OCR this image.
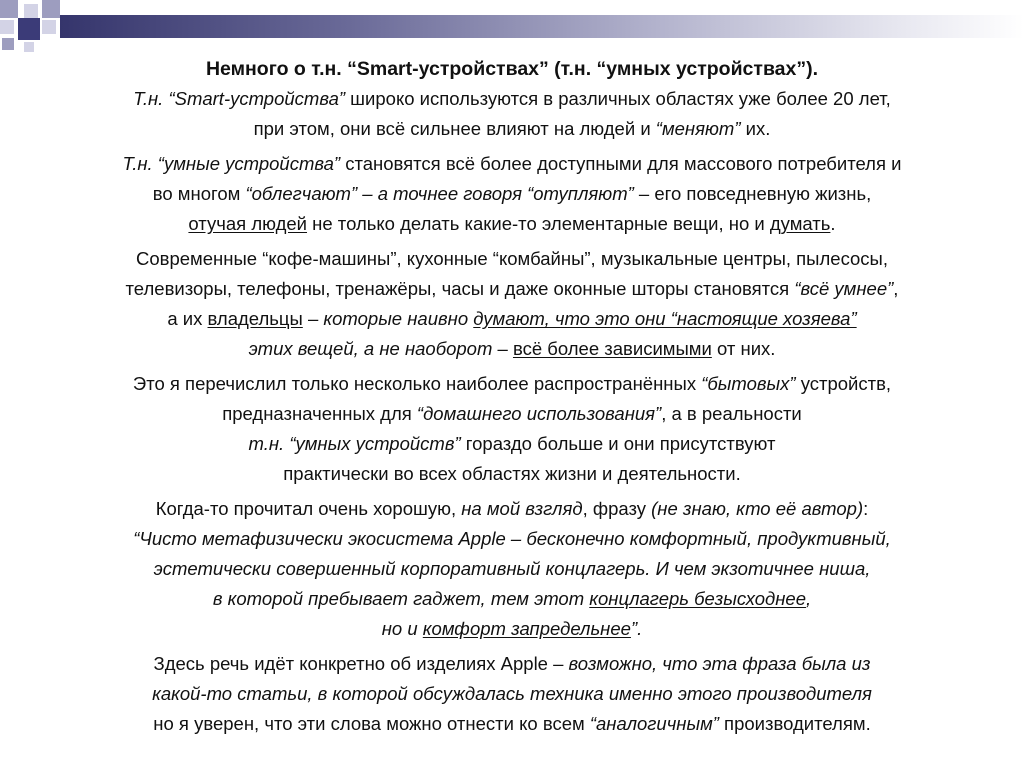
Немного о т.н. “Smart-устройствах” (т.н. “умных устройствах”).
Т.н. “Smart-устройства” широко используются в различных областях уже более 20 лет,
при этом, они всё сильнее влияют на людей и “меняют” их.
Т.н. “умные устройства” становятся всё более доступными для массового потребителя и
во многом “облегчают” – а точнее говоря “отупляют” – его повседневную жизнь,
отучая людей не только делать какие-то элементарные вещи, но и думать.
Современные “кофе-машины”, кухонные “комбайны”, музыкальные центры, пылесосы,
телевизоры, телефоны, тренажёры, часы и даже оконные шторы становятся “всё умнее”,
а их владельцы – которые наивно думают, что это они “настоящие хозяева”
этих вещей, а не наоборот – всё более зависимыми от них.
Это я перечислил только несколько наиболее распространённых “бытовых” устройств,
предназначенных для “домашнего использования”, а в реальности
т.н. “умных устройств” гораздо больше и они присутствуют
практически во всех областях жизни и деятельности.
Когда-то прочитал очень хорошую, на мой взгляд, фразу (не знаю, кто её автор):
“Чисто метафизически экосистема Apple – бесконечно комфортный, продуктивный,
эстетически совершенный корпоративный концлагерь. И чем экзотичнее ниша,
в которой пребывает гаджет, тем этот концлагерь безысходнее,
но и комфорт запредельнее”.
Здесь речь идёт конкретно об изделиях Apple – возможно, что эта фраза была из
какой-то статьи, в которой обсуждалась техника именно этого производителя
но я уверен, что эти слова можно отнести ко всем “аналогичным” производителям.
